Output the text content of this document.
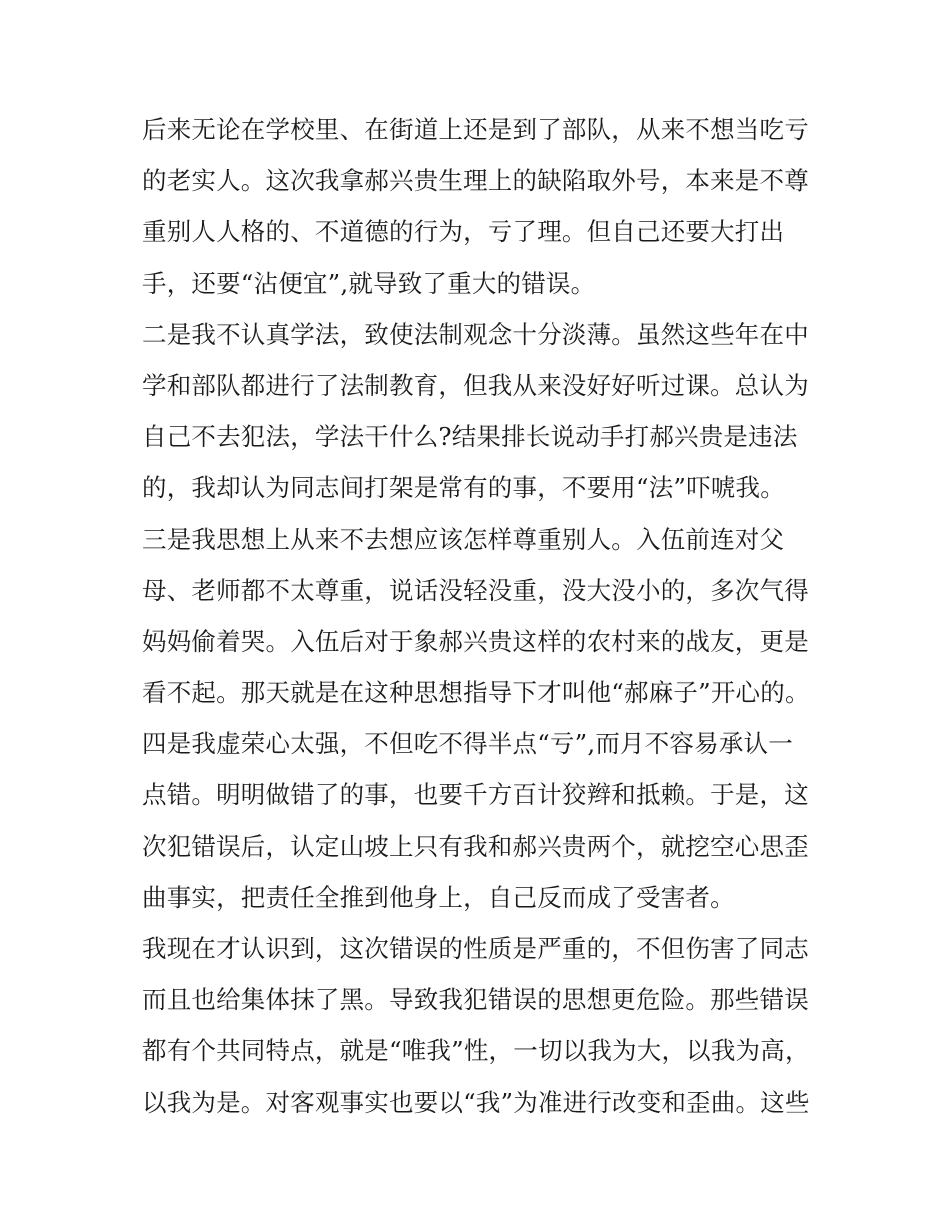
后来无论在学校里、在街道上还是到了部队，从来不想当吃亏
的老实人。这次我拿郝兴贵生理上的缺陷取外号，本来是不尊
重别人人格的、不道德的行为，亏了理。但自己还要大打出
手，还要“沾便宜”,就导致了重大的错误。
二是我不认真学法，致使法制观念十分淡薄。虽然这些年在中
学和部队都进行了法制教育，但我从来没好好听过课。总认为
自己不去犯法，学法干什么?结果排长说动手打郝兴贵是违法
的，我却认为同志间打架是常有的事，不要用“法”吓唬我。
三是我思想上从来不去想应该怎样尊重别人。入伍前连对父
母、老师都不太尊重，说话没轻没重，没大没小的，多次气得
妈妈偷着哭。入伍后对于象郝兴贵这样的农村来的战友，更是
看不起。那天就是在这种思想指导下才叫他“郝麻子”开心的。
四是我虚荣心太强，不但吃不得半点“亏”,而月不容易承认一
点错。明明做错了的事，也要千方百计狡辫和抵赖。于是，这
次犯错误后，认定山坡上只有我和郝兴贵两个，就挖空心思歪
曲事实，把责任全推到他身上，自己反而成了受害者。
我现在才认识到，这次错误的性质是严重的，不但伤害了同志
而且也给集体抹了黑。导致我犯错误的思想更危险。那些错误
都有个共同特点，就是“唯我”性，一切以我为大，以我为高，
以我为是。对客观事实也要以“我”为准进行改变和歪曲。这些
